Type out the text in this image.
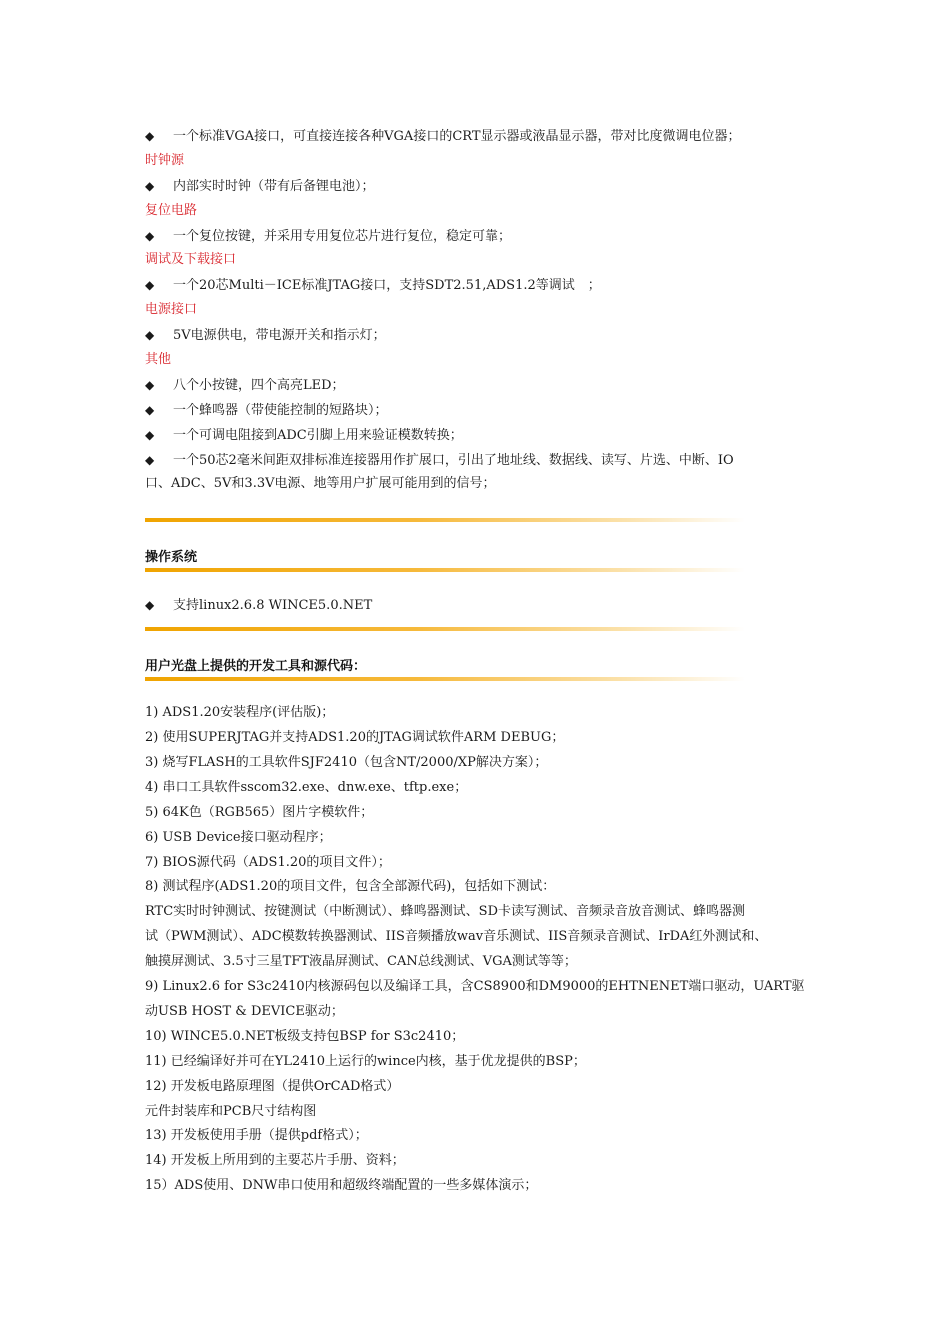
◆ 一个标准VGA接口，可直接连接各种VGA接口的CRT显示器或液晶显示器，带对比度微调电位器；
时钟源
◆ 内部实时时钟（带有后备锂电池）；
复位电路
◆ 一个复位按键，并采用专用复位芯片进行复位，稳定可靠；
调试及下载接口
◆ 一个20芯Multi－ICE标准JTAG接口，支持SDT2.51,ADS1.2等调试　；
电源接口
◆ 5V电源供电，带电源开关和指示灯；
其他
◆ 八个小按键，四个高亮LED；
◆ 一个蜂鸣器（带使能控制的短路块）；
◆ 一个可调电阻接到ADC引脚上用来验证模数转换；
◆ 一个50芯2毫米间距双排标准连接器用作扩展口，引出了地址线、数据线、读写、片选、中断、IO
口、ADC、5V和3.3V电源、地等用户扩展可能用到的信号；
操作系统
◆ 支持linux2.6.8 WINCE5.0.NET
用户光盘上提供的开发工具和源代码：
1) ADS1.20安装程序(评估版)；
2) 使用SUPERJTAG并支持ADS1.20的JTAG调试软件ARM DEBUG；
3) 烧写FLASH的工具软件SJF2410（包含NT/2000/XP解决方案）；
4) 串口工具软件sscom32.exe、dnw.exe、tftp.exe；
5) 64K色（RGB565）图片字模软件；
6) USB Device接口驱动程序；
7) BIOS源代码（ADS1.20的项目文件）；
8) 测试程序(ADS1.20的项目文件，包含全部源代码)，包括如下测试：
RTC实时时钟测试、按键测试（中断测试）、蜂鸣器测试、SD卡读写测试、音频录音放音测试、蜂鸣器测
试（PWM测试）、ADC模数转换器测试、IIS音频播放wav音乐测试、IIS音频录音测试、IrDA红外测试和、
触摸屏测试、3.5寸三星TFT液晶屏测试、CAN总线测试、VGA测试等等；
9) Linux2.6 for S3c2410内核源码包以及编译工具，含CS8900和DM9000的EHTNENET端口驱动，UART驱
动USB HOST & DEVICE驱动；
10) WINCE5.0.NET板级支持包BSP for S3c2410；
11) 已经编译好并可在YL2410上运行的wince内核，基于优龙提供的BSP；
12) 开发板电路原理图（提供OrCAD格式）
元件封装库和PCB尺寸结构图
13) 开发板使用手册（提供pdf格式）；
14) 开发板上所用到的主要芯片手册、资料；
15）ADS使用、DNW串口使用和超级终端配置的一些多媒体演示；
